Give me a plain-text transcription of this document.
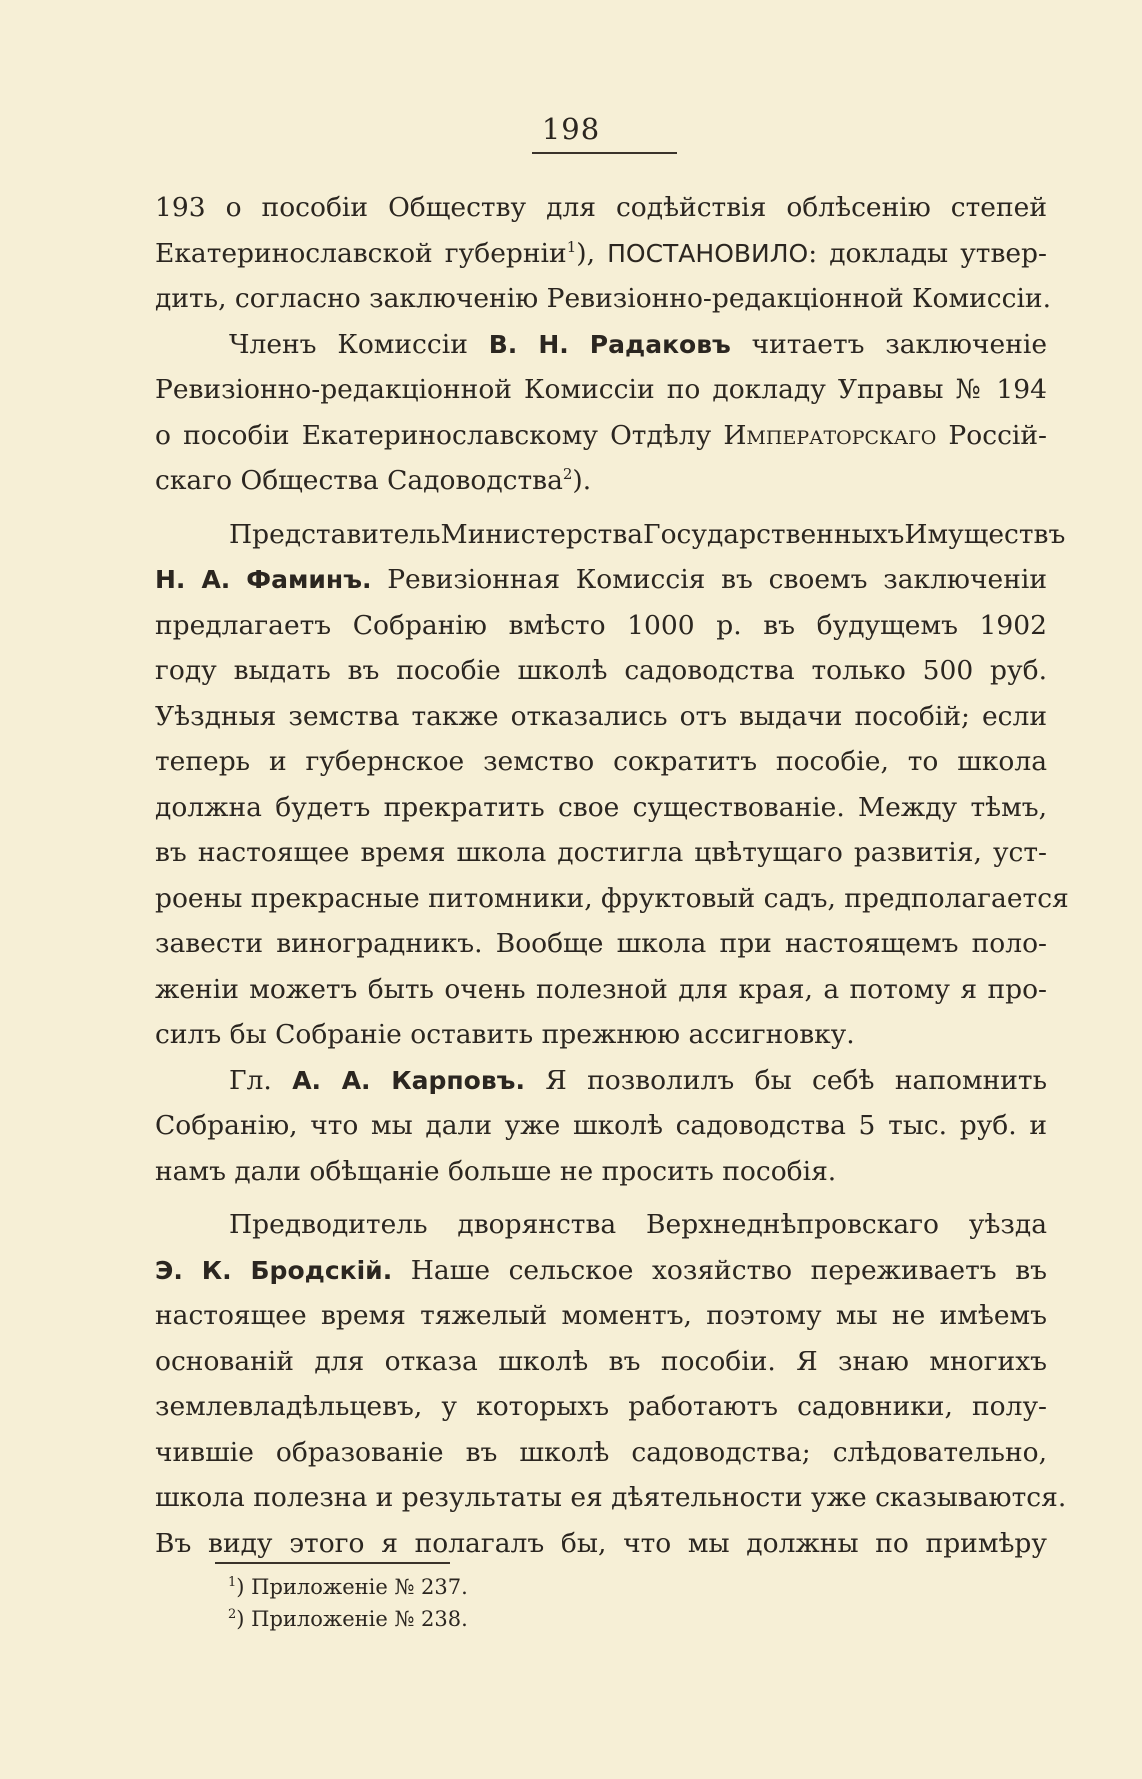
198
193 о пособіи Обществу для содѣйствія облѣсенію степей
Екатеринославской губерніи$^1$), ПОСТАНОВИЛО: доклады утвер-
дить, согласно заключенію Ревизіонно-редакціонной Комиссіи.
Членъ Комиссіи В. Н. Радаковъ читаетъ заключеніе
Ревизіонно-редакціонной Комиссіи по докладу Управы № 194
о пособіи Екатеринославскому Отдѣлу Императорскаго Россій-
скаго Общества Садоводства$^2$).
ПредставительМинистерстваГосударственныхъИмуществъ
Н. А. Фаминъ. Ревизіонная Комиссія въ своемъ заключеніи
предлагаетъ Собранію вмѣсто 1000 р. въ будущемъ 1902
году выдать въ пособіе школѣ садоводства только 500 руб.
Уѣздныя земства также отказались отъ выдачи пособій; если
теперь и губернское земство сократитъ пособіе, то школа
должна будетъ прекратить свое существованіе. Между тѣмъ,
въ настоящее время школа достигла цвѣтущаго развитія, уст-
роены прекрасные питомники, фруктовый садъ, предполагается
завести виноградникъ. Вообще школа при настоящемъ поло-
женіи можетъ быть очень полезной для края, а потому я про-
силъ бы Собраніе оставить прежнюю ассигновку.
Гл. А. А. Карповъ. Я позволилъ бы себѣ напомнить
Собранію, что мы дали уже школѣ садоводства 5 тыс. руб. и
намъ дали обѣщаніе больше не просить пособія.
Предводитель дворянства Верхнеднѣпровскаго уѣзда
Э. К. Бродскій. Наше сельское хозяйство переживаетъ въ
настоящее время тяжелый моментъ, поэтому мы не имѣемъ
основаній для отказа школѣ въ пособіи. Я знаю многихъ
землевладѣльцевъ, у которыхъ работаютъ садовники, полу-
чившіе образованіе въ школѣ садоводства; слѣдовательно,
школа полезна и результаты ея дѣятельности уже сказываются.
Въ виду этого я полагалъ бы, что мы должны по примѣру
$^1$) Приложеніе № 237.
$^2$) Приложеніе № 238.
